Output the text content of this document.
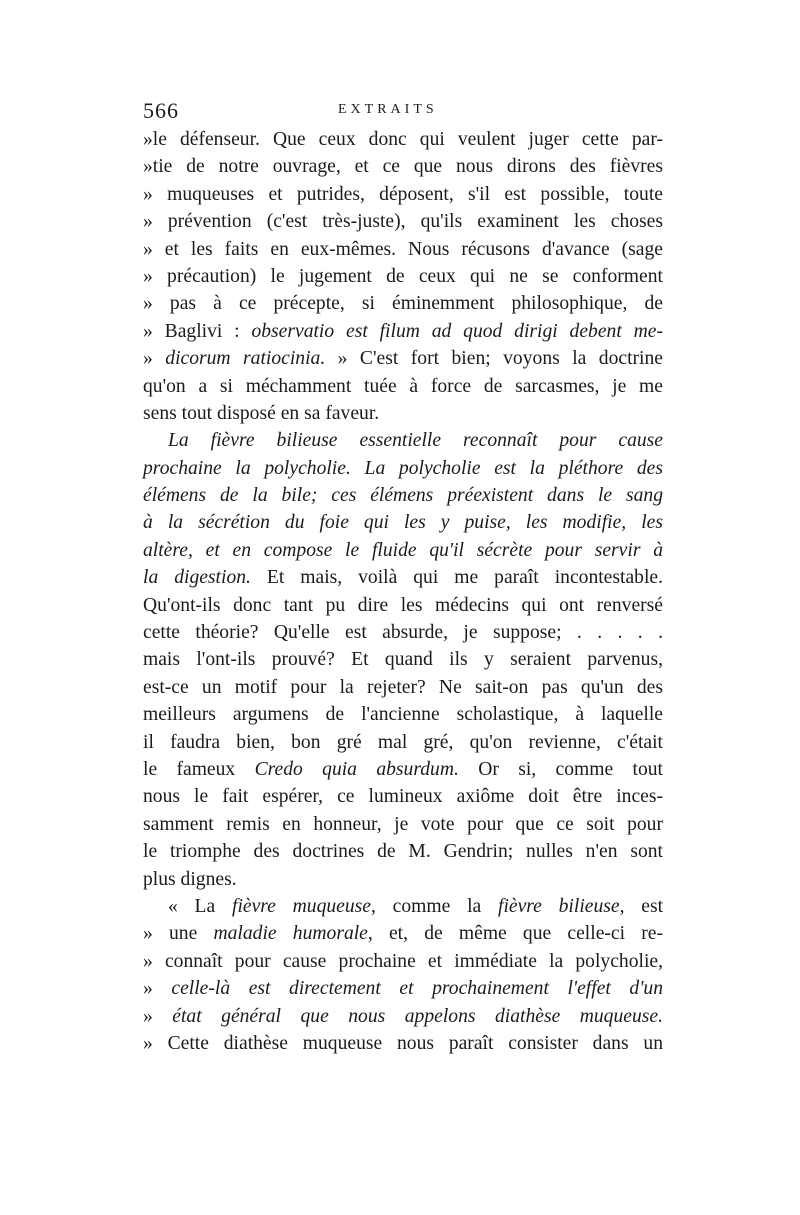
566	EXTRAITS
»le défenseur. Que ceux donc qui veulent juger cette par-
»tie de notre ouvrage, et ce que nous dirons des fièvres
» muqueuses et putrides, déposent, s'il est possible, toute
» prévention (c'est très-juste), qu'ils examinent les choses
» et les faits en eux-mêmes. Nous récusons d'avance (sage
» précaution) le jugement de ceux qui ne se conforment
» pas à ce précepte, si éminemment philosophique, de
» Baglivi : observatio est filum ad quod dirigi debent me-
» dicorum ratiocinia. » C'est fort bien; voyons la doctrine
qu'on a si méchamment tuée à force de sarcasmes, je me
sens tout disposé en sa faveur.
La fièvre bilieuse essentielle reconnaît pour cause
prochaine la polycholie. La polycholie est la pléthore des
élémens de la bile; ces élémens préexistent dans le sang
à la sécrétion du foie qui les y puise, les modifie, les
altère, et en compose le fluide qu'il sécrète pour servir à
la digestion. Et mais, voilà qui me paraît incontestable.
Qu'ont-ils donc tant pu dire les médecins qui ont renversé
cette théorie? Qu'elle est absurde, je suppose; . . . . .
mais l'ont-ils prouvé? Et quand ils y seraient parvenus,
est-ce un motif pour la rejeter? Ne sait-on pas qu'un des
meilleurs argumens de l'ancienne scholastique, à laquelle
il faudra bien, bon gré mal gré, qu'on revienne, c'était
le fameux Credo quia absurdum. Or si, comme tout
nous le fait espérer, ce lumineux axiôme doit être inces-
samment remis en honneur, je vote pour que ce soit pour
le triomphe des doctrines de M. Gendrin; nulles n'en sont
plus dignes.
« La fièvre muqueuse, comme la fièvre bilieuse, est
» une maladie humorale, et, de même que celle-ci re-
» connaît pour cause prochaine et immédiate la polycholie,
» celle-là est directement et prochainement l'effet d'un
» état général que nous appelons diathèse muqueuse.
» Cette diathèse muqueuse nous paraît consister dans un
